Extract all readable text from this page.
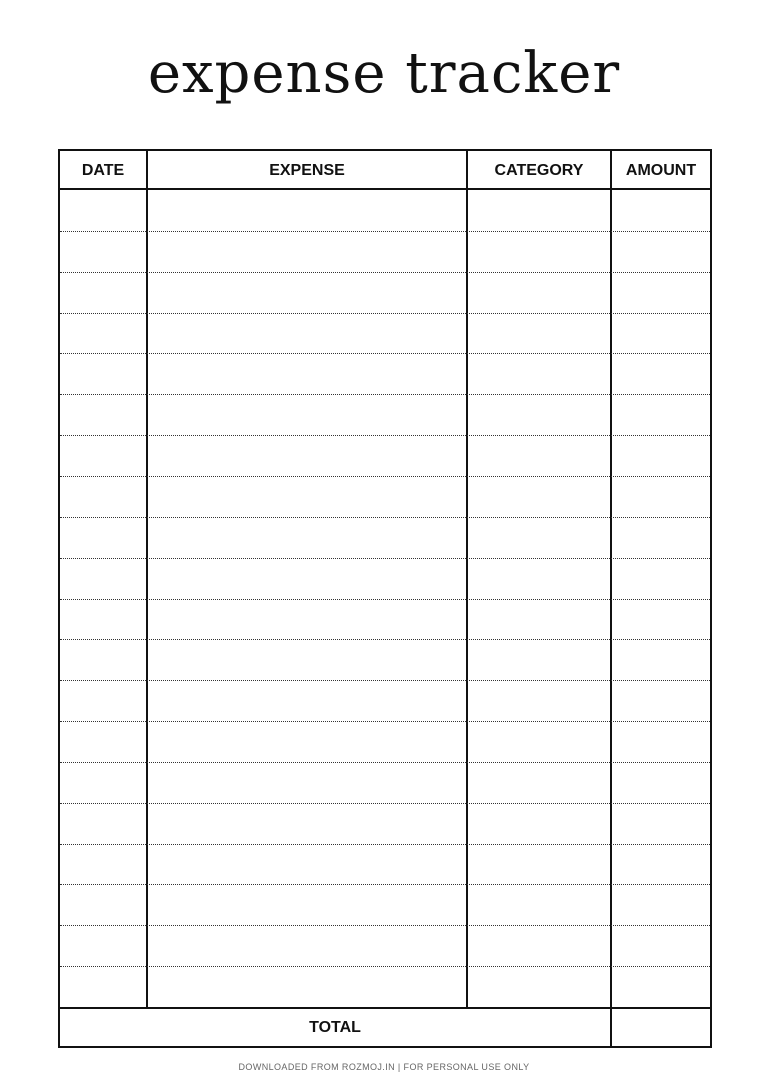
expense tracker
DATE	EXPENSE	CATEGORY	AMOUNT
TOTAL
DOWNLOADED FROM ROZMOJ.IN | FOR PERSONAL USE ONLY
